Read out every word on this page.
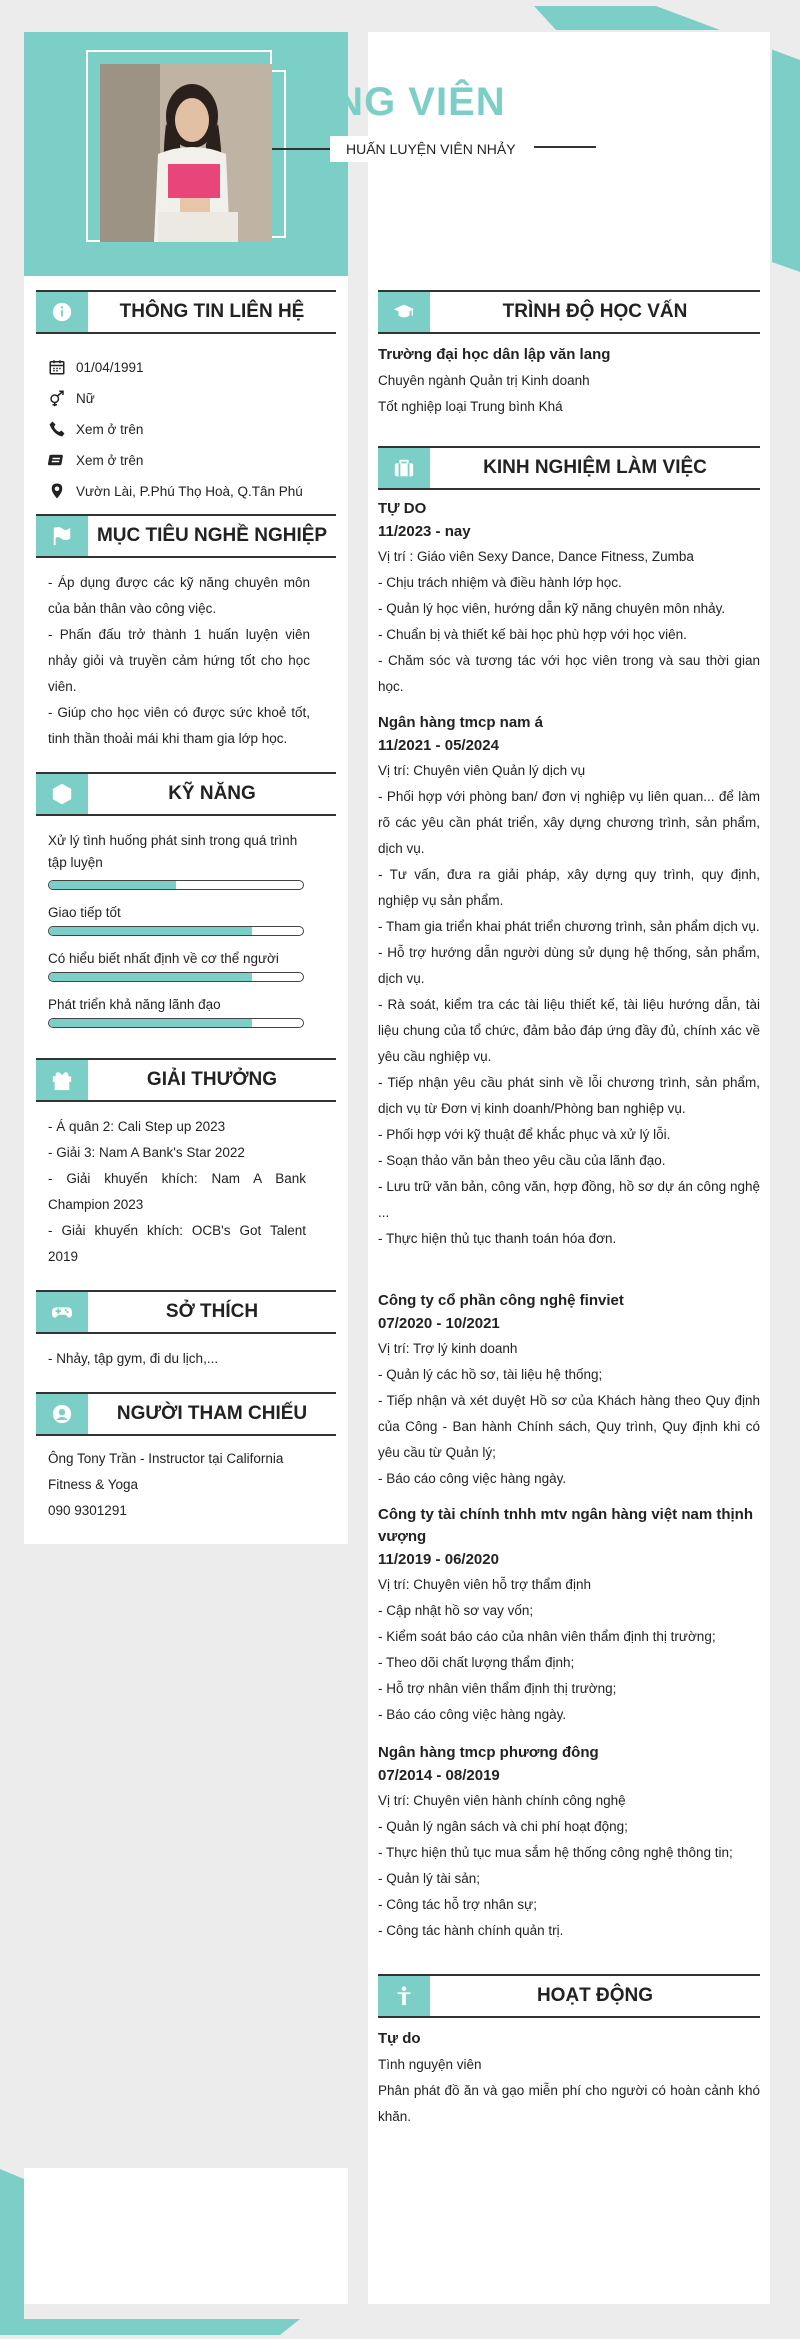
ỨNG VIÊN
HUẤN LUYỆN VIÊN NHẢY
THÔNG TIN LIÊN HỆ
01/04/1991
Nữ
Xem ở trên
Xem ở trên
Vườn Lài, P.Phú Thọ Hoà, Q.Tân Phú
MỤC TIÊU NGHỀ NGHIỆP
- Áp dụng được các kỹ năng chuyên môn của bản thân vào công việc.
- Phấn đấu trở thành 1 huấn luyện viên nhảy giỏi và truyền cảm hứng tốt cho học viên.
- Giúp cho học viên có được sức khoẻ tốt, tinh thần thoải mái khi tham gia lớp học.
KỸ NĂNG
Xử lý tình huống phát sinh trong quá trình tập luyện
Giao tiếp tốt
Có hiểu biết nhất định về cơ thể người
Phát triển khả năng lãnh đạo
GIẢI THƯỞNG
- Á quân 2: Cali Step up 2023
- Giải 3: Nam A Bank's Star 2022
- Giải khuyến khích: Nam A Bank Champion 2023
- Giải khuyến khích: OCB's Got Talent 2019
SỞ THÍCH
- Nhảy, tập gym, đi du lịch,...
NGƯỜI THAM CHIẾU
Ông Tony Trần - Instructor tại California Fitness & Yoga
090 9301291
TRÌNH ĐỘ HỌC VẤN
Trường đại học dân lập văn lang
Chuyên ngành Quản trị Kinh doanh
Tốt nghiệp loại Trung bình Khá
KINH NGHIỆM LÀM VIỆC
TỰ DO
11/2023 - nay
Vị trí : Giáo viên Sexy Dance, Dance Fitness, Zumba
- Chịu trách nhiệm và điều hành lớp học.
- Quản lý học viên, hướng dẫn kỹ năng chuyên môn nhảy.
- Chuẩn bị và thiết kế bài học phù hợp với học viên.
- Chăm sóc và tương tác với học viên trong và sau thời gian học.
Ngân hàng tmcp nam á
11/2021 - 05/2024
Vị trí: Chuyên viên Quản lý dịch vụ
- Phối hợp với phòng ban/ đơn vị nghiệp vụ liên quan... để làm rõ các yêu cần phát triển, xây dựng chương trình, sản phẩm, dịch vụ.
- Tư vấn, đưa ra giải pháp, xây dựng quy trình, quy định, nghiệp vụ sản phẩm.
- Tham gia triển khai phát triển chương trình, sản phẩm dịch vụ.
- Hỗ trợ hướng dẫn người dùng sử dụng hệ thống, sản phẩm, dịch vụ.
- Rà soát, kiểm tra các tài liệu thiết kế, tài liệu hướng dẫn, tài liệu chung của tổ chức, đảm bảo đáp ứng đầy đủ, chính xác về yêu cầu nghiệp vụ.
- Tiếp nhận yêu cầu phát sinh về lỗi chương trình, sản phẩm, dịch vụ từ Đơn vị kinh doanh/Phòng ban nghiệp vụ.
- Phối hợp với kỹ thuật để khắc phục và xử lý lỗi.
- Soạn thảo văn bản theo yêu cầu của lãnh đạo.
- Lưu trữ văn bản, công văn, hợp đồng, hồ sơ dự án công nghệ ...
- Thực hiện thủ tục thanh toán hóa đơn.
Công ty cổ phần công nghệ finviet
07/2020 - 10/2021
Vị trí: Trợ lý kinh doanh
- Quản lý các hồ sơ, tài liệu hệ thống;
- Tiếp nhận và xét duyệt Hồ sơ của Khách hàng theo Quy định của Công - Ban hành Chính sách, Quy trình, Quy định khi có yêu cầu từ Quản lý;
- Báo cáo công việc hàng ngày.
Công ty tài chính tnhh mtv ngân hàng việt nam thịnh vượng
11/2019 - 06/2020
Vị trí: Chuyên viên hỗ trợ thẩm định
- Cập nhật hồ sơ vay vốn;
- Kiểm soát báo cáo của nhân viên thẩm định thị trường;
- Theo dõi chất lượng thẩm định;
- Hỗ trợ nhân viên thẩm định thị trường;
- Báo cáo công việc hàng ngày.
Ngân hàng tmcp phương đông
07/2014 - 08/2019
Vị trí: Chuyên viên hành chính công nghệ
- Quản lý ngân sách và chi phí hoạt động;
- Thực hiện thủ tục mua sắm hệ thống công nghệ thông tin;
- Quản lý tài sản;
- Công tác hỗ trợ nhân sự;
- Công tác hành chính quản trị.
HOẠT ĐỘNG
Tự do
Tình nguyện viên
Phân phát đồ ăn và gạo miễn phí cho người có hoàn cảnh khó khăn.
